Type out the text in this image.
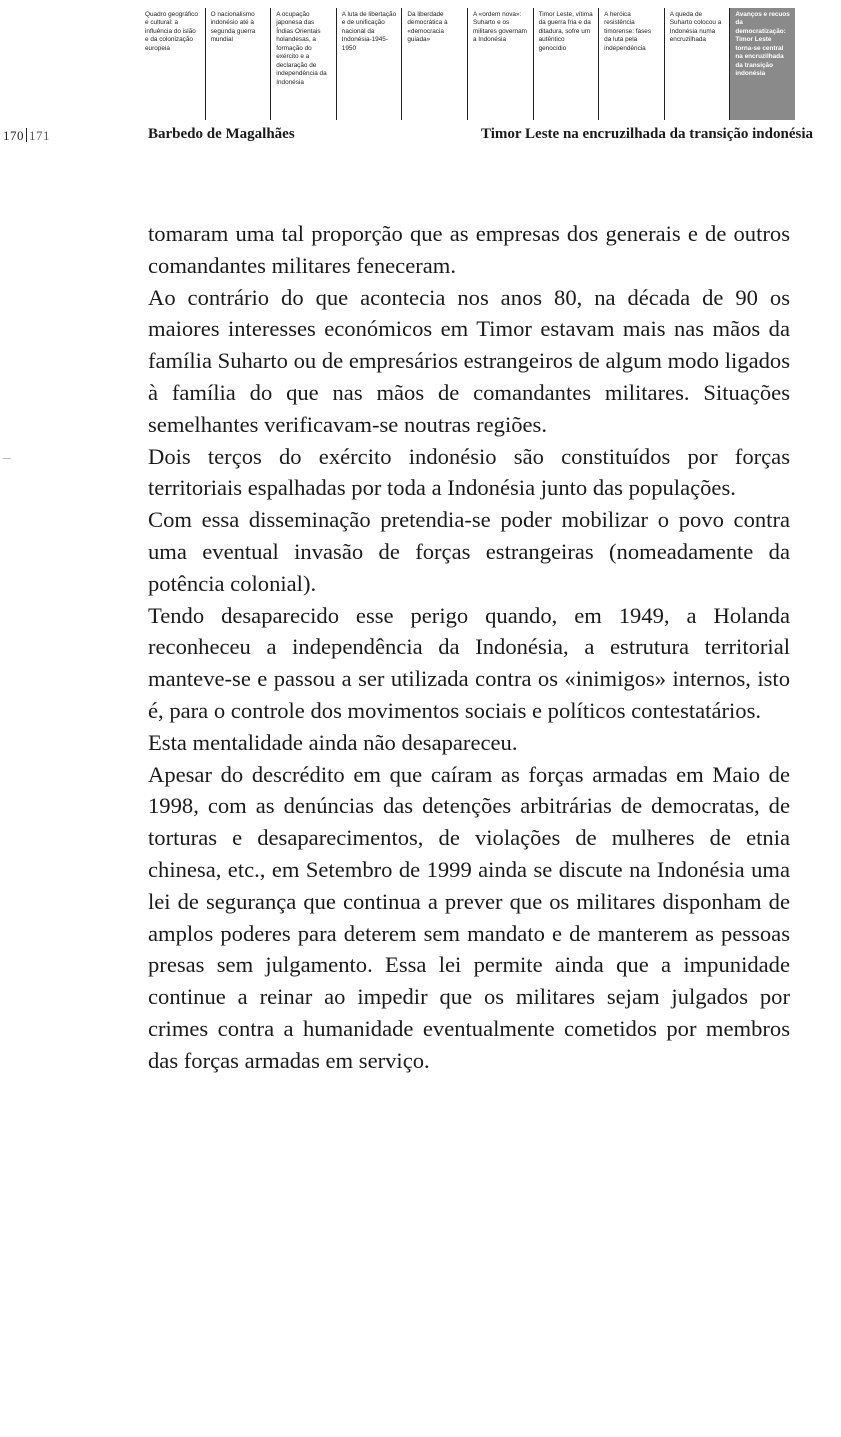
Quadro geográfico e cultural: a influência do islão e da colonização europeia
O nacionalismo indonésio até à segunda guerra mundial
A ocupação japonesa das Índias Orientais holandesas, a formação do exército e a declaração de independência da Indonésia
A luta de libertação e de unificação nacional da Indonésia-1945-1950
Da liberdade democrática à «democracia guiada»
A «ordem nova»: Suharto e os militares governam a Indonésia
Timor Leste, vítima da guerra fria e da ditadura, sofre um autêntico genocídio
A heróica resistência timorense: fases da luta pela independência
A queda de Suharto colocou a Indonésia numa encruzilhada
Avanços e recuos da democratização: Timor Leste torna-se central na encruzilhada da transição indonésia
170 171	Barbedo de Magalhães	Timor Leste na encruzilhada da transição indonésia

tomaram uma tal proporção que as empresas dos generais e de outros comandantes militares feneceram.

Ao contrário do que acontecia nos anos 80, na década de 90 os maiores interesses económicos em Timor estavam mais nas mãos da família Suharto ou de empresários estrangeiros de algum modo ligados à família do que nas mãos de comandantes militares. Situações semelhantes verificavam-se noutras regiões.

Dois terços do exército indonésio são constituídos por forças territoriais espalhadas por toda a Indonésia junto das populações.

Com essa disseminação pretendia-se poder mobilizar o povo contra uma eventual invasão de forças estrangeiras (nomeadamente da potência colonial).

Tendo desaparecido esse perigo quando, em 1949, a Holanda reconheceu a independência da Indonésia, a estrutura territorial manteve-se e passou a ser utilizada contra os «inimigos» internos, isto é, para o controle dos movimentos sociais e políticos contestatários.

Esta mentalidade ainda não desapareceu.

Apesar do descrédito em que caíram as forças armadas em Maio de 1998, com as denúncias das detenções arbitrárias de democratas, de torturas e desaparecimentos, de violações de mulheres de etnia chinesa, etc., em Setembro de 1999 ainda se discute na Indonésia uma lei de segurança que continua a prever que os militares disponham de amplos poderes para deterem sem mandato e de manterem as pessoas presas sem julgamento. Essa lei permite ainda que a impunidade continue a reinar ao impedir que os militares sejam julgados por crimes contra a humanidade eventualmente cometidos por membros das forças armadas em serviço.
